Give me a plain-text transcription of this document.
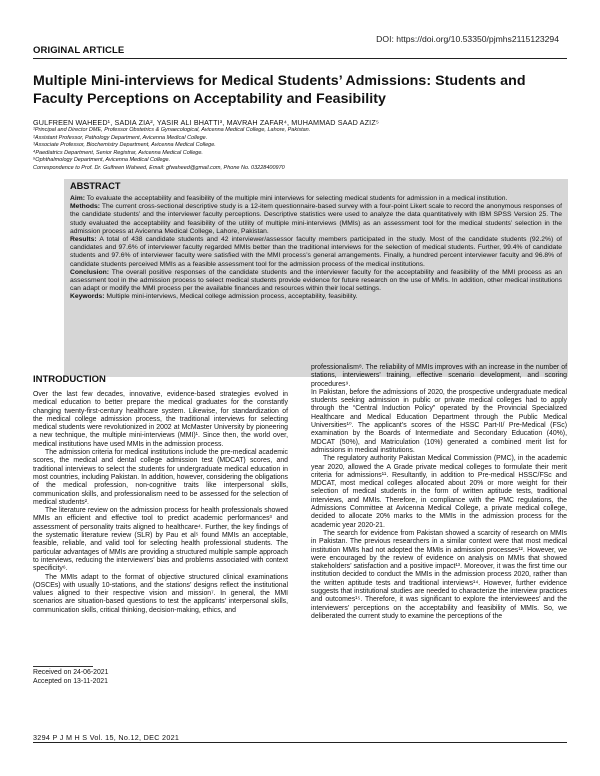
DOI: https://doi.org/10.53350/pjmhs2115123294
ORIGINAL ARTICLE
Multiple Mini-interviews for Medical Students’ Admissions: Students and Faculty Perceptions on Acceptability and Feasibility
GULFREEN WAHEED¹, SADIA ZIA², YASIR ALI BHATTI³, MAVRAH ZAFAR⁴, MUHAMMAD SAAD AZIZ⁵
¹Principal and Director DME, Professor Obstetrics & Gynaecological, Avicenna Medical College, Lahore, Pakistan.
²Assistant Professor, Pathology Department, Avicenna Medical College.
³Associate Professor, Biochemistry Department, Avicenna Medical College.
⁴Paediatrics Department, Senior Registrar, Avicenna Medical College.
⁵Ophthalmology Department, Avicenna Medical College.
Correspondence to Prof. Dr. Gulfreen Waheed, Email: gfwaheed@gmail.com, Phone No. 03228400970
ABSTRACT

Aim: To evaluate the acceptability and feasibility of the multiple mini interviews for selecting medical students for admission in a medical institution.

Methods: The current cross-sectional descriptive study is a 12-item questionnaire-based survey with a four-point Likert scale to record the anonymous responses of the candidate students’ and the interviewer faculty perceptions. Descriptive statistics were used to analyze the data quantitatively with IBM SPSS Version 25. The study evaluated the acceptability and feasibility of the utility of multiple mini-interviews (MMIs) as an assessment tool for the medical students’ selection in the admission process at Avicenna Medical College, Lahore, Pakistan.

Results: A total of 438 candidate students and 42 interviewer/assessor faculty members participated in the study. Most of the candidate students (92.2%) of candidates and 97.6% of interviewer faculty regarded MMIs better than the traditional interviews for the selection of medical students. Further, 99.4% of candidate students and 97.6% of interviewer faculty were satisfied with the MMI process’s general arrangements. Finally, a hundred percent interviewer faculty and 96.8% of candidate students perceived MMIs as a feasible assessment tool for the admission process of the medical institutions.

Conclusion: The overall positive responses of the candidate students and the interviewer faculty for the acceptability and feasibility of the MMI process as an assessment tool in the admission process to select medical students provide evidence for future research on the use of MMIs. In addition, other medical institutions can adapt or modify the MMI process per the available finances and resources within their local settings.

Keywords: Multiple mini-interviews, Medical college admission process, acceptability, feasibility.

INTRODUCTION

Over the last few decades, innovative, evidence-based strategies evolved in medical education to better prepare the medical graduates for the constantly changing twenty-first-century healthcare system. Likewise, for standardization of the medical college admission process, the traditional interviews for selecting medical students were revolutionized in 2002 at McMaster University by pioneering a new technique, the multiple mini-interviews (MMI)¹. Since then, the world over, medical institutions have used MMIs in the admission process.

The admission criteria for medical institutions include the pre-medical academic scores, the medical and dental college admission test (MDCAT) scores, and traditional interviews to select the students for undergraduate medical education in most countries, including Pakistan. In addition, however, considering the obligations of the medical profession, non-cognitive traits like interpersonal skills, communication skills, and professionalism need to be assessed for the selection of medical students².

The literature review on the admission process for health professionals showed MMIs an efficient and effective tool to predict academic performances³ and assessment of personality traits aligned to healthcare⁴. Further, the key findings of the systematic literature review (SLR) by Pau et al⁵ found MMIs an acceptable, feasible, reliable, and valid tool for selecting health professional students. The particular advantages of MMIs are providing a structured multiple sample approach to interviews, reducing the interviewers’ bias and problems associated with context specificity⁶.

The MMIs adapt to the format of objective structured clinical examinations (OSCEs) with usually 10-stations, and the stations’ designs reflect the institutional values aligned to their respective vision and mission⁷. In general, the MMI scenarios are situation-based questions to test the applicants’ interpersonal skills, communication skills, critical thinking, decision-making, ethics, and

Received on 24-06-2021
Accepted on 13-11-2021

professionalism⁸. The reliability of MMIs improves with an increase in the number of stations, interviewers’ training, effective scenario development, and scoring procedures⁹.

In Pakistan, before the admissions of 2020, the prospective undergraduate medical students seeking admission in public or private medical colleges had to apply through the “Central Induction Policy” operated by the Provincial Specialized Healthcare and Medical Education Department through the Public Medical Universities¹⁰. The applicant’s scores of the HSSC Part-II/ Pre-Medical (FSc) examination by the Boards of Intermediate and Secondary Education (40%), MDCAT (50%), and Matriculation (10%) generated a combined merit list for admissions in medical institutions.

The regulatory authority Pakistan Medical Commission (PMC), in the academic year 2020, allowed the A Grade private medical colleges to formulate their merit criteria for admissions¹¹. Resultantly, in addition to Pre-medical HSSC/FSc and MDCAT, most medical colleges allocated about 20% or more weight for their selection of medical students in the form of written aptitude tests, traditional interviews, and MMIs. Therefore, in compliance with the PMC regulations, the Admissions Committee at Avicenna Medical College, a private medical college, decided to allocate 20% marks to the MMIs in the admission process for the academic year 2020-21.

The search for evidence from Pakistan showed a scarcity of research on MMIs in Pakistan. The previous researchers in a similar context were that most medical institution MMIs had not adopted the MMIs in admission processes¹². However, we were encouraged by the review of evidence on analysis on MMIs that showed stakeholders’ satisfaction and a positive impact¹³. Moreover, it was the first time our institution decided to conduct the MMIs in the admission process 2020, rather than the written aptitude tests and traditional interviews¹⁴. However, further evidence suggests that institutional studies are needed to characterize the interview practices and outcomes¹⁵. Therefore, it was significant to explore the interviewees’ and the interviewers’ perceptions on the acceptability and feasibility of MMIs. So, we deliberated the current study to examine the perceptions of the

3294 P J M H S Vol. 15, No.12, DEC 2021
